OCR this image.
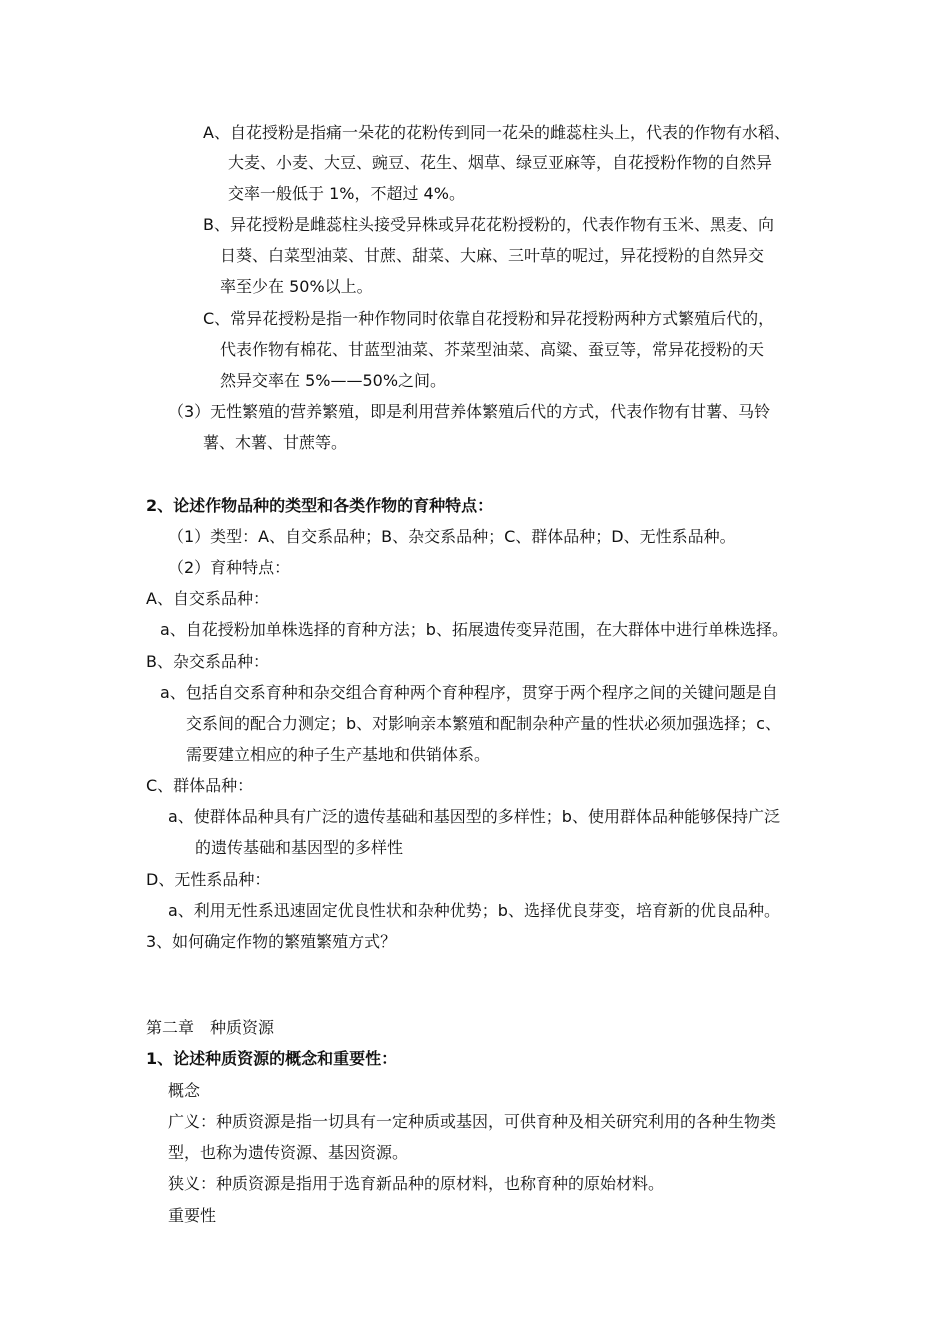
A、自花授粉是指痛一朵花的花粉传到同一花朵的雌蕊柱头上，代表的作物有水稻、
大麦、小麦、大豆、豌豆、花生、烟草、绿豆亚麻等，自花授粉作物的自然异
交率一般低于 1%，不超过 4%。
B、异花授粉是雌蕊柱头接受异株或异花花粉授粉的，代表作物有玉米、黑麦、向
日葵、白菜型油菜、甘蔗、甜菜、大麻、三叶草的呢过，异花授粉的自然异交
率至少在 50%以上。
C、常异花授粉是指一种作物同时依靠自花授粉和异花授粉两种方式繁殖后代的，
代表作物有棉花、甘蓝型油菜、芥菜型油菜、高粱、蚕豆等，常异花授粉的天
然异交率在 5%——50%之间。
（3）无性繁殖的营养繁殖，即是利用营养体繁殖后代的方式，代表作物有甘薯、马铃
薯、木薯、甘蔗等。
2、论述作物品种的类型和各类作物的育种特点：
（1）类型：A、自交系品种；B、杂交系品种；C、群体品种；D、无性系品种。
（2）育种特点：
A、自交系品种：
a、自花授粉加单株选择的育种方法；b、拓展遗传变异范围，在大群体中进行单株选择。
B、杂交系品种：
a、包括自交系育种和杂交组合育种两个育种程序，贯穿于两个程序之间的关键问题是自
交系间的配合力测定；b、对影响亲本繁殖和配制杂种产量的性状必须加强选择；c、
需要建立相应的种子生产基地和供销体系。
C、群体品种：
a、使群体品种具有广泛的遗传基础和基因型的多样性；b、使用群体品种能够保持广泛
的遗传基础和基因型的多样性
D、无性系品种：
a、利用无性系迅速固定优良性状和杂种优势；b、选择优良芽变，培育新的优良品种。
3、如何确定作物的繁殖繁殖方式？
第二章　种质资源
1、论述种质资源的概念和重要性：
概念
广义：种质资源是指一切具有一定种质或基因，可供育种及相关研究利用的各种生物类
型，也称为遗传资源、基因资源。
狭义：种质资源是指用于选育新品种的原材料，也称育种的原始材料。
重要性
